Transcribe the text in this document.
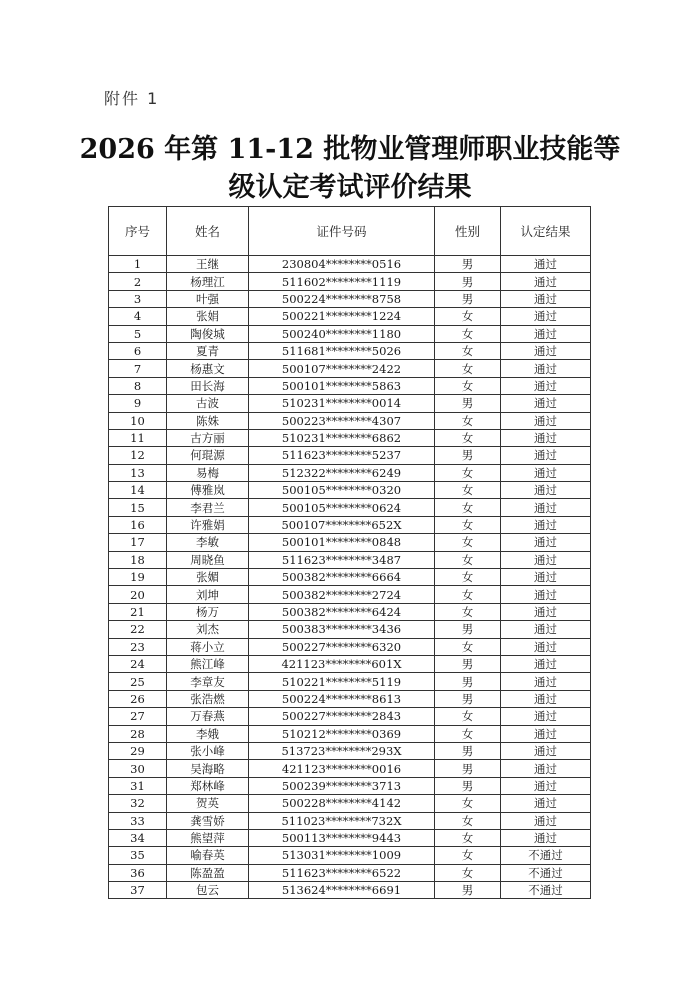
附件 1
2026 年第 11-12 批物业管理师职业技能等
级认定考试评价结果
序号	姓名	证件号码	性别	认定结果
1	王继	230804********0516	男	通过
2	杨理江	511602********1119	男	通过
3	叶强	500224********8758	男	通过
4	张娟	500221********1224	女	通过
5	陶俊城	500240********1180	女	通过
6	夏青	511681********5026	女	通过
7	杨惠文	500107********2422	女	通过
8	田长海	500101********5863	女	通过
9	古波	510231********0014	男	通过
10	陈姝	500223********4307	女	通过
11	古方丽	510231********6862	女	通过
12	何琨源	511623********5237	男	通过
13	易梅	512322********6249	女	通过
14	傅雅岚	500105********0320	女	通过
15	李君兰	500105********0624	女	通过
16	许雅娟	500107********652X	女	通过
17	李敏	500101********0848	女	通过
18	周晓鱼	511623********3487	女	通过
19	张媚	500382********6664	女	通过
20	刘坤	500382********2724	女	通过
21	杨万	500382********6424	女	通过
22	刘杰	500383********3436	男	通过
23	蒋小立	500227********6320	女	通过
24	熊江峰	421123********601X	男	通过
25	李章友	510221********5119	男	通过
26	张浩燃	500224********8613	男	通过
27	万春燕	500227********2843	女	通过
28	李娥	510212********0369	女	通过
29	张小峰	513723********293X	男	通过
30	吴海略	421123********0016	男	通过
31	郑林峰	500239********3713	男	通过
32	贺英	500228********4142	女	通过
33	龚雪娇	511023********732X	女	通过
34	熊望萍	500113********9443	女	通过
35	喻春英	513031********1009	女	不通过
36	陈盈盈	511623********6522	女	不通过
37	包云	513624********6691	男	不通过
